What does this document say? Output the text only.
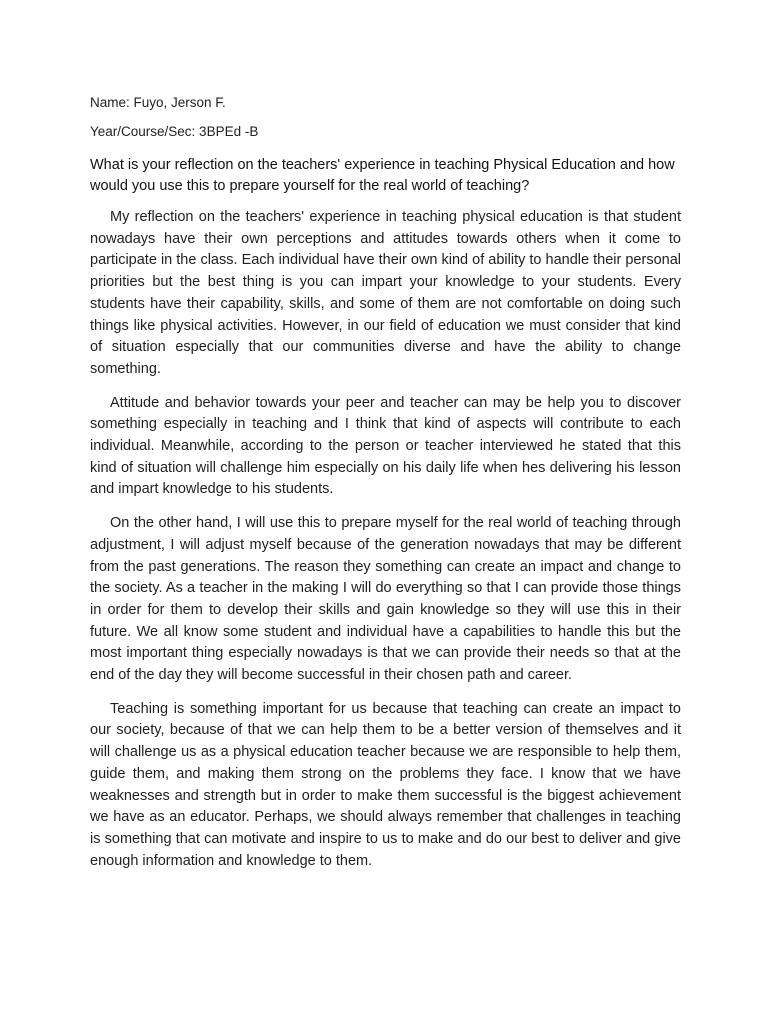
Name: Fuyo, Jerson F.

Year/Course/Sec: 3BPEd -B

What is your reflection on the teachers' experience in teaching Physical Education and how would you use this to prepare yourself for the real world of teaching?

My reflection on the teachers' experience in teaching physical education is that student nowadays have their own perceptions and attitudes towards others when it come to participate in the class. Each individual have their own kind of ability to handle their personal priorities but the best thing is you can impart your knowledge to your students. Every students have their capability, skills, and some of them are not comfortable on doing such things like physical activities. However, in our field of education we must consider that kind of situation especially that our communities diverse and have the ability to change something.

Attitude and behavior towards your peer and teacher can may be help you to discover something especially in teaching and I think that kind of aspects will contribute to each individual. Meanwhile, according to the person or teacher interviewed he stated that this kind of situation will challenge him especially on his daily life when hes delivering his lesson and impart knowledge to his students.

On the other hand, I will use this to prepare myself for the real world of teaching through adjustment, I will adjust myself because of the generation nowadays that may be different from the past generations. The reason they something can create an impact and change to the society. As a teacher in the making I will do everything so that I can provide those things in order for them to develop their skills and gain knowledge so they will use this in their future. We all know some student and individual have a capabilities to handle this but the most important thing especially nowadays is that we can provide their needs so that at the end of the day they will become successful in their chosen path and career.

Teaching is something important for us because that teaching can create an impact to our society, because of that we can help them to be a better version of themselves and it will challenge us as a physical education teacher because we are responsible to help them, guide them, and making them strong on the problems they face. I know that we have weaknesses and strength but in order to make them successful is the biggest achievement we have as an educator. Perhaps, we should always remember that challenges in teaching is something that can motivate and inspire to us to make and do our best to deliver and give enough information and knowledge to them.
